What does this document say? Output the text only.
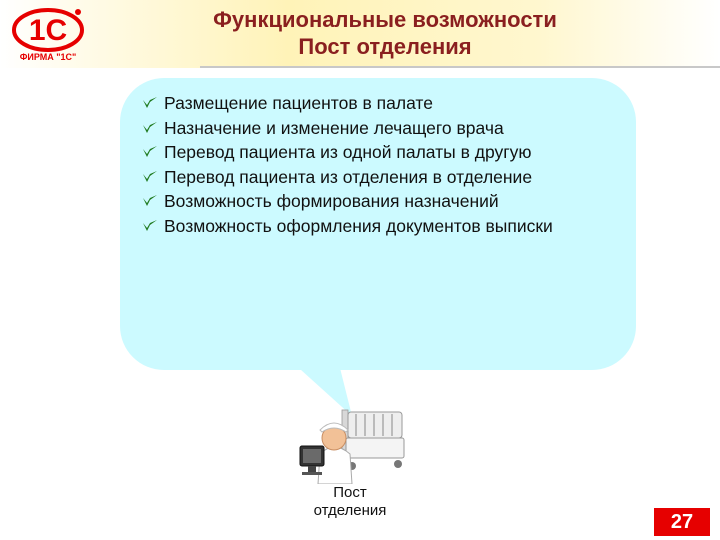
1С
ФИРМА "1С"
Функциональные возможности
Пост отделения
Размещение пациентов в палате
Назначение и изменение лечащего врача
Перевод пациента из одной палаты в другую
Перевод пациента из отделения в отделение
Возможность формирования назначений
Возможность оформления документов выписки
Пост
отделения
27
